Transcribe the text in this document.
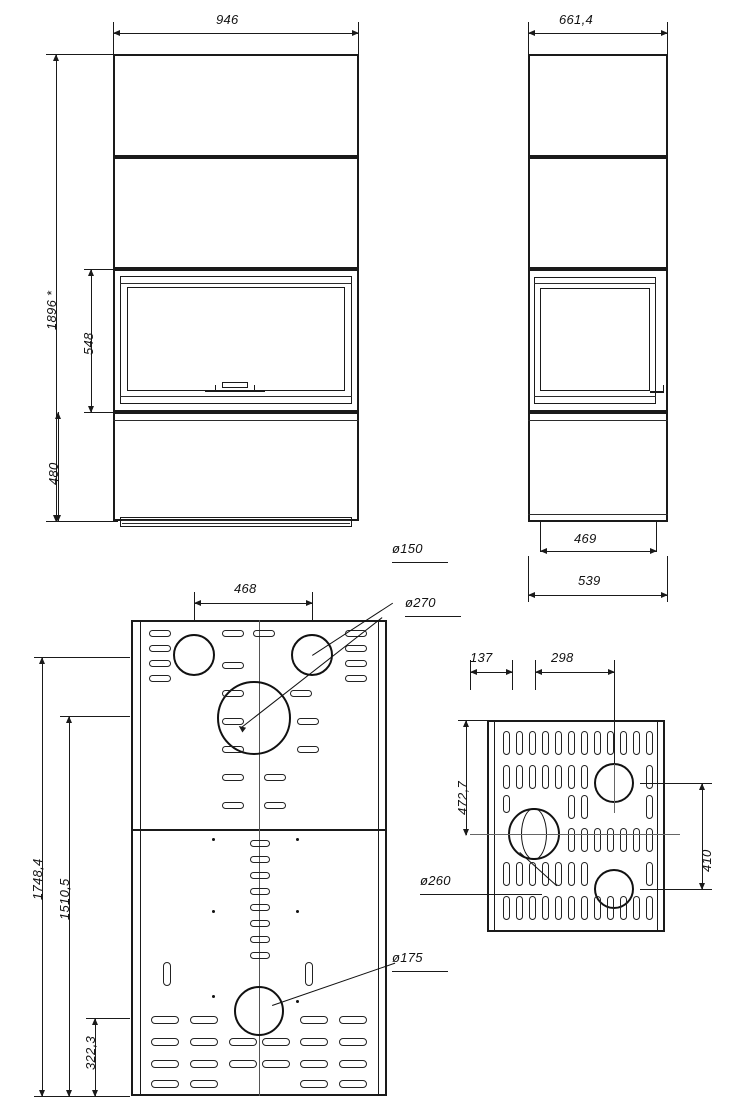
946
1896 *
548
480
661,4
469
539
468
1748,4 1510,5
322,3
ø150
ø270
ø175
137	298
472,7
410
ø260
